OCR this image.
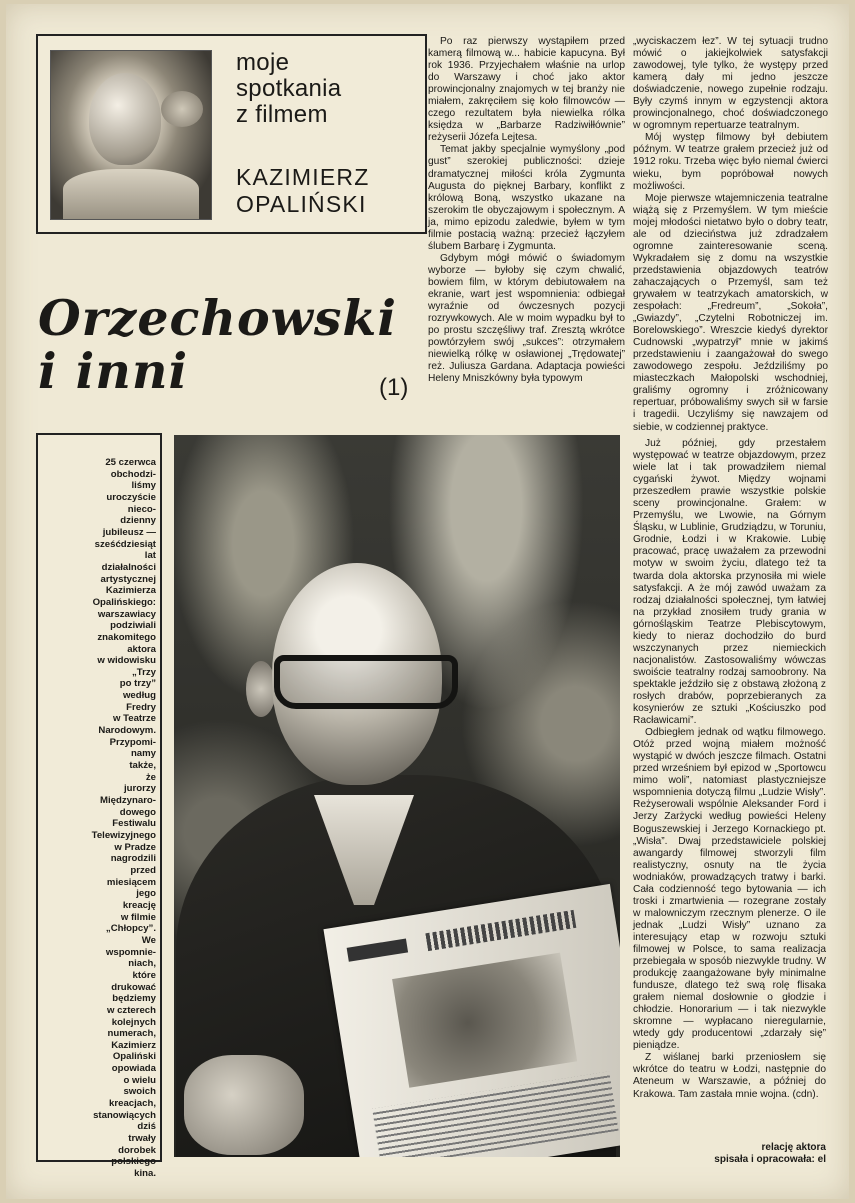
moje
spotkania
z filmem
KAZIMIERZ
OPALIŃSKI
Orzechowski
i inni	(1)

Po raz pierwszy wystąpiłem przed kamerą filmową w... habicie kapucyna. Był rok 1936. Przyjechałem właśnie na urlop do Warszawy i choć jako aktor prowincjonalny znajomych w tej branży nie miałem, zakręciłem się koło filmowców — czego rezultatem była niewielka rólka księdza w „Barbarze Radziwiłłównie” reżyserii Józefa Lejtesa.

Temat jakby specjalnie wymyślony „pod gust” szerokiej publiczności: dzieje dramatycznej miłości króla Zygmunta Augusta do pięknej Barbary, konflikt z królową Boną, wszystko ukazane na szerokim tle obyczajowym i społecznym. A ja, mimo epizodu zaledwie, byłem w tym filmie postacią ważną: przecież łączyłem ślubem Barbarę i Zygmunta.

Gdybym mógł mówić o świadomym wyborze — byłoby się czym chwalić, bowiem film, w którym debiutowałem na ekranie, wart jest wspomnienia: odbiegał wyraźnie od ówczesnych pozycji rozrywkowych. Ale w moim wypadku był to po prostu szczęśliwy traf. Zresztą wkrótce powtórzyłem swój „sukces”: otrzymałem niewielką rólkę w osławionej „Trędowatej” reż. Juliusza Gardana. Adaptacja powieści Heleny Mniszkówny była typowym

„wyciskaczem łez”. W tej sytuacji trudno mówić o jakiejkolwiek satysfakcji zawodowej, tyle tylko, że występy przed kamerą dały mi jedno jeszcze doświadczenie, nowego zupełnie rodzaju. Były czymś innym w egzystencji aktora prowincjonalnego, choć doświadczonego w ogromnym repertuarze teatralnym.

Mój występ filmowy był debiutem późnym. W teatrze grałem przecież już od 1912 roku. Trzeba więc było niemal ćwierci wieku, bym popróbował nowych możliwości.

Moje pierwsze wtajemniczenia teatralne wiążą się z Przemyślem. W tym mieście mojej młodości nietatwo było o dobry teatr, ale od dzieciństwa już zdradzałem ogromne zainteresowanie sceną. Wykradałem się z domu na wszystkie przedstawienia objazdowych teatrów zahaczających o Przemyśl, sam też grywałem w teatrzykach amatorskich, w zespołach: „Fredreum”, „Sokoła”, „Gwiazdy”, „Czytelni Robotniczej im. Borelowskiego”. Wreszcie kiedyś dyrektor Cudnowski „wypatrzył” mnie w jakimś przedstawieniu i zaangażował do swego zawodowego zespołu. Jeździliśmy po miasteczkach Małopolski wschodniej, graliśmy ogromny i zróżnicowany repertuar, próbowaliśmy swych sił w farsie i tragedii. Uczyliśmy się nawzajem od siebie, w codziennej praktyce.

25 czerwca
obchodzi-
liśmy
uroczyście
nieco-
dzienny
jubileusz —
sześćdziesiąt
lat
działalności
artystycznej
Kazimierza
Opalińskiego:
warszawiacy
podziwiali
znakomitego
aktora
w widowisku
„Trzy
po trzy”
według
Fredry
w Teatrze
Narodowym.
Przypomi-
namy
także,
że
jurorzy
Międzynaro-
dowego
Festiwalu
Telewizyjnego
w Pradze
nagrodzili
przed
miesiącem
jego
kreację
w filmie
„Chłopcy”.
We
wspomnie-
niach,
które
drukować
będziemy
w czterech
kolejnych
numerach,
Kazimierz
Opaliński
opowiada
o wielu
swoich
kreacjach,
stanowiących
dziś
trwały
dorobek
polskiego
kina.

Już później, gdy przestałem występować w teatrze objazdowym, przez wiele lat i tak prowadziłem niemal cygański żywot. Między wojnami przeszedłem prawie wszystkie polskie sceny prowincjonalne. Grałem: w Przemyślu, we Lwowie, na Górnym Śląsku, w Lublinie, Grudziądzu, w Toruniu, Grodnie, Łodzi i w Krakowie. Lubię pracować, pracę uważałem za przewodni motyw w swoim życiu, dlatego też ta twarda dola aktorska przynosiła mi wiele satysfakcji. A że mój zawód uważam za rodzaj działalności społecznej, tym łatwiej na przykład znosiłem trudy grania w górnośląskim Teatrze Plebiscytowym, kiedy to nieraz dochodziło do burd wszczynanych przez niemieckich nacjonalistów. Zastosowaliśmy wówczas swoiście teatralny rodzaj samoobrony. Na spektakle jeździło się z obstawą złożoną z rosłych drabów, poprzebieranych za kosynierów ze sztuki „Kościuszko pod Racławicami”.

Odbiegłem jednak od wątku filmowego. Otóż przed wojną miałem możność wystąpić w dwóch jeszcze filmach. Ostatni przed wrześniem był epizod w „Sportowcu mimo woli”, natomiast plastyczniejsze wspomnienia dotyczą filmu „Ludzie Wisły”. Reżyserowali wspólnie Aleksander Ford i Jerzy Zarżycki według powieści Heleny Boguszewskiej i Jerzego Kornackiego pt. „Wisła”. Dwaj przedstawiciele polskiej awangardy filmowej stworzyli film realistyczny, osnuty na tle życia wodniaków, prowadzących tratwy i barki. Cała codzienność tego bytowania — ich troski i zmartwienia — rozegrane zostały w malowniczym rzecznym plenerze. O ile jednak „Ludzi Wisły” uznano za interesujący etap w rozwoju sztuki filmowej w Polsce, to sama realizacja przebiegała w sposób niezwykle trudny. W produkcję zaangażowane były minimalne fundusze, dlatego też swą rolę flisaka grałem niemal dosłownie o głodzie i chłodzie. Honorarium — i tak niezwykle skromne — wypłacano nieregularnie, wtedy gdy producentowi „zdarzały się” pieniądze.

Z wiślanej barki przeniosłem się wkrótce do teatru w Łodzi, następnie do Ateneum w Warszawie, a później do Krakowa. Tam zastała mnie wojna. (cdn).

relację aktora
spisała i opracowała: el
